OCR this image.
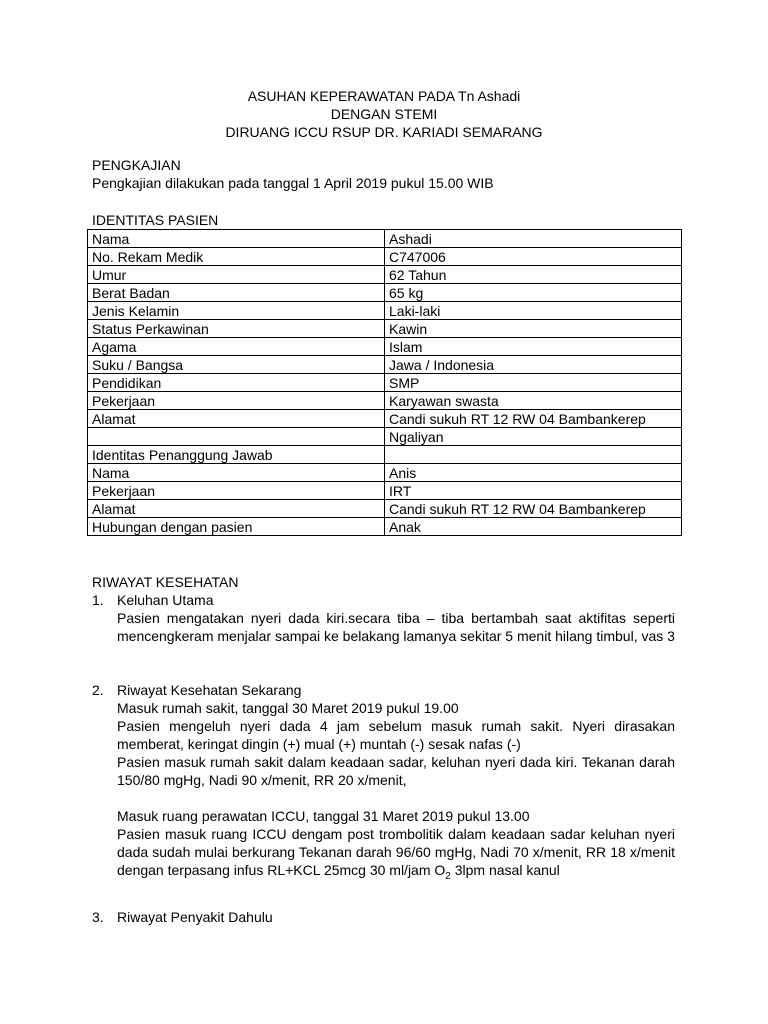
ASUHAN KEPERAWATAN PADA Tn Ashadi
DENGAN STEMI
DIRUANG ICCU RSUP DR. KARIADI SEMARANG
PENGKAJIAN
Pengkajian dilakukan pada tanggal 1 April 2019 pukul 15.00 WIB
IDENTITAS PASIEN
Nama	Ashadi
No. Rekam Medik	C747006
Umur	62 Tahun
Berat Badan	65 kg
Jenis Kelamin	Laki-laki
Status Perkawinan	Kawin
Agama	Islam
Suku / Bangsa	Jawa / Indonesia
Pendidikan	SMP
Pekerjaan	Karyawan swasta
Alamat	Candi sukuh RT 12 RW 04 Bambankerep
	Ngaliyan
Identitas Penanggung Jawab	
Nama	Anis
Pekerjaan	IRT
Alamat	Candi sukuh RT 12 RW 04 Bambankerep
Hubungan dengan pasien	Anak
RIWAYAT KESEHATAN
1. Keluhan Utama

Pasien mengatakan nyeri dada kiri.secara tiba – tiba bertambah saat aktifitas seperti mencengkeram menjalar sampai ke belakang lamanya sekitar 5 menit hilang timbul, vas 3

2. Riwayat Kesehatan Sekarang

Masuk rumah sakit, tanggal 30 Maret 2019 pukul 19.00

Pasien mengeluh nyeri dada 4 jam sebelum masuk rumah sakit. Nyeri dirasakan memberat, keringat dingin (+) mual (+) muntah (-) sesak nafas (-)

Pasien masuk rumah sakit dalam keadaan sadar, keluhan nyeri dada kiri. Tekanan darah 150/80 mgHg, Nadi 90 x/menit, RR 20 x/menit,

Masuk ruang perawatan ICCU, tanggal 31 Maret 2019 pukul 13.00

Pasien masuk ruang ICCU dengam post trombolitik dalam keadaan sadar keluhan nyeri dada sudah mulai berkurang Tekanan darah 96/60 mgHg, Nadi 70 x/menit, RR 18 x/menit dengan terpasang infus RL+KCL 25mcg 30 ml/jam $O_2$ 3lpm nasal kanul

3. Riwayat Penyakit Dahulu
